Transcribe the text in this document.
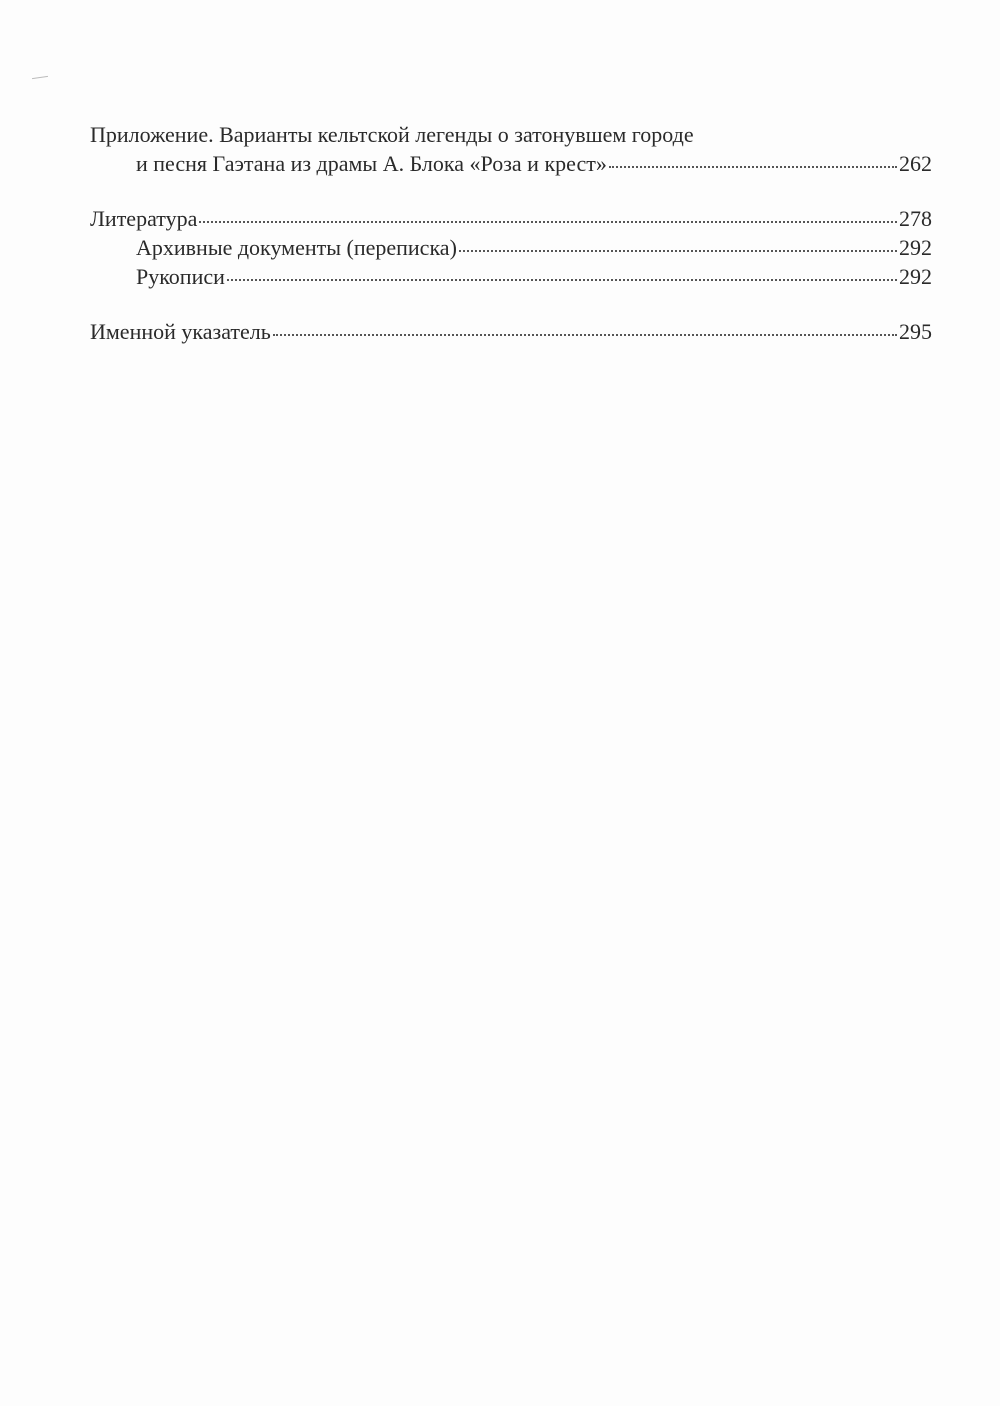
Приложение. Варианты кельтской легенды о затонувшем городе
и песня Гаэтана из драмы А. Блока «Роза и крест»	262
Литература	278
Архивные документы (переписка)	292
Рукописи	292
Именной указатель	295
